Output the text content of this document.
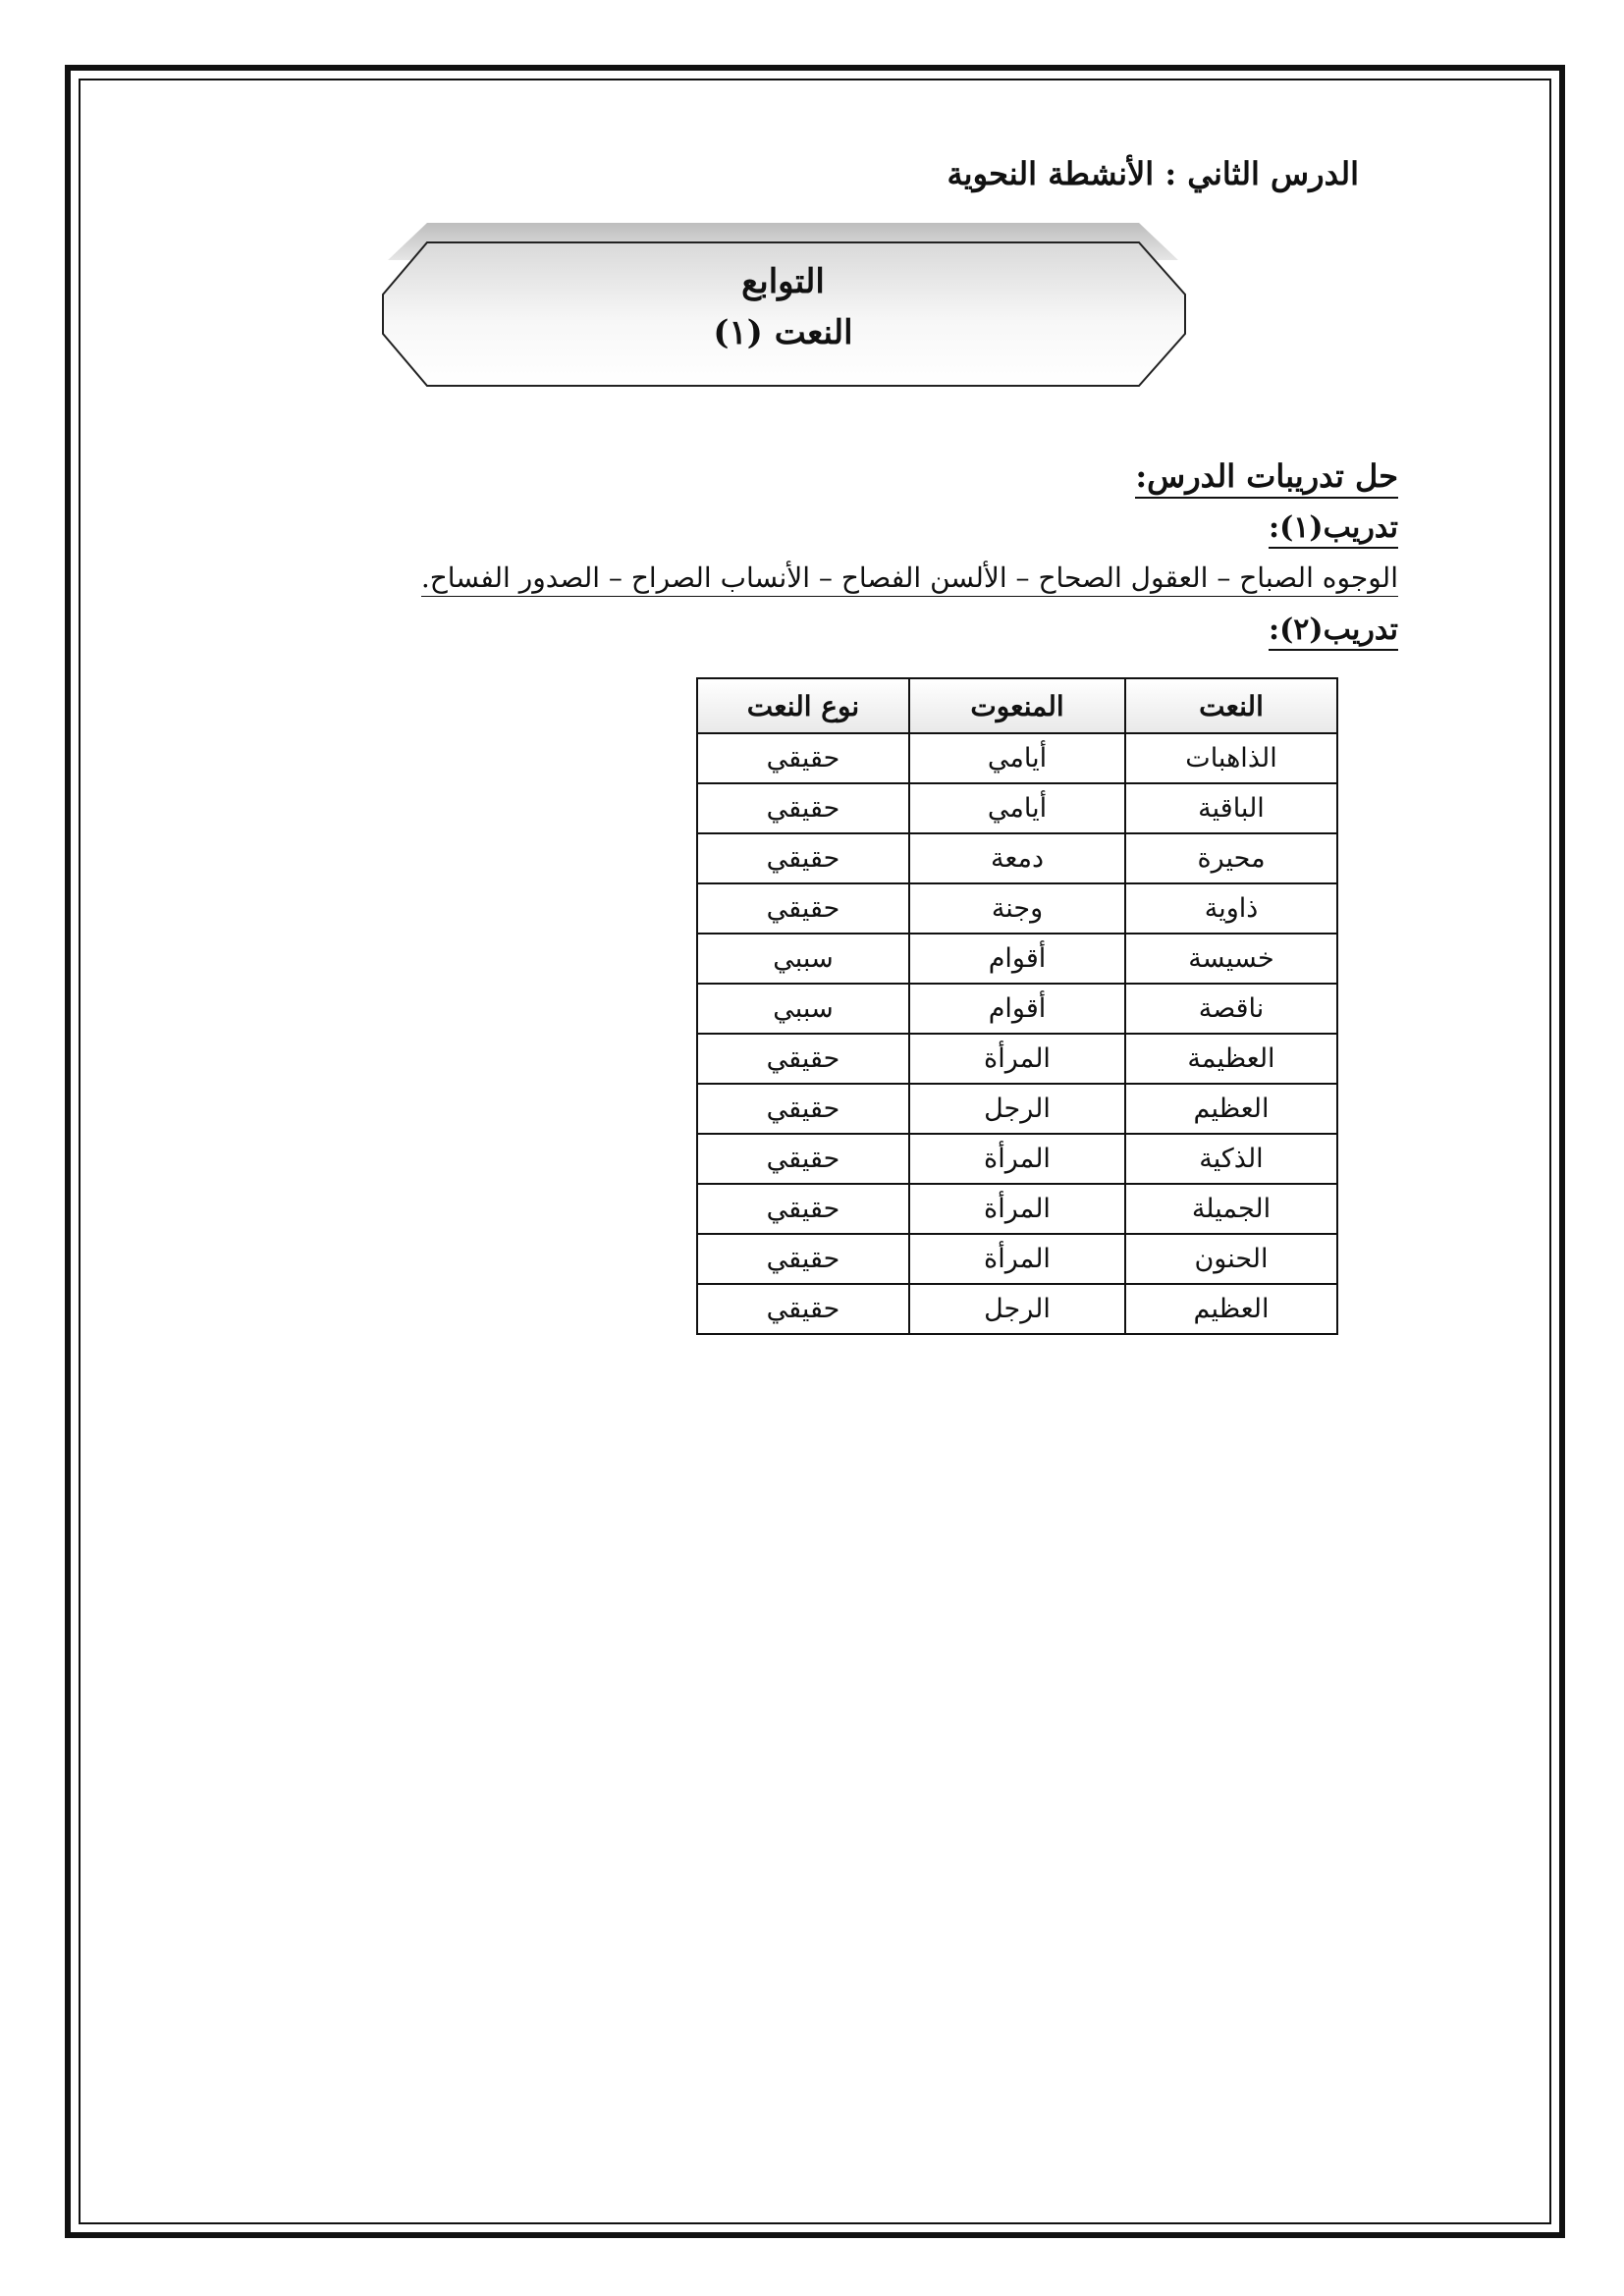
الدرس الثاني : الأنشطة النحوية
التوابع
النعت (١)
حل تدريبات الدرس:
تدريب(١):
الوجوه الصباح – العقول الصحاح – الألسن الفصاح – الأنساب الصراح – الصدور الفساح.
تدريب(٢):
النعت	المنعوت	نوع النعت
الذاهبات	أيامي	حقيقي
الباقية	أيامي	حقيقي
محيرة	دمعة	حقيقي
ذاوية	وجنة	حقيقي
خسيسة	أقوام	سببي
ناقصة	أقوام	سببي
العظيمة	المرأة	حقيقي
العظيم	الرجل	حقيقي
الذكية	المرأة	حقيقي
الجميلة	المرأة	حقيقي
الحنون	المرأة	حقيقي
العظيم	الرجل	حقيقي
